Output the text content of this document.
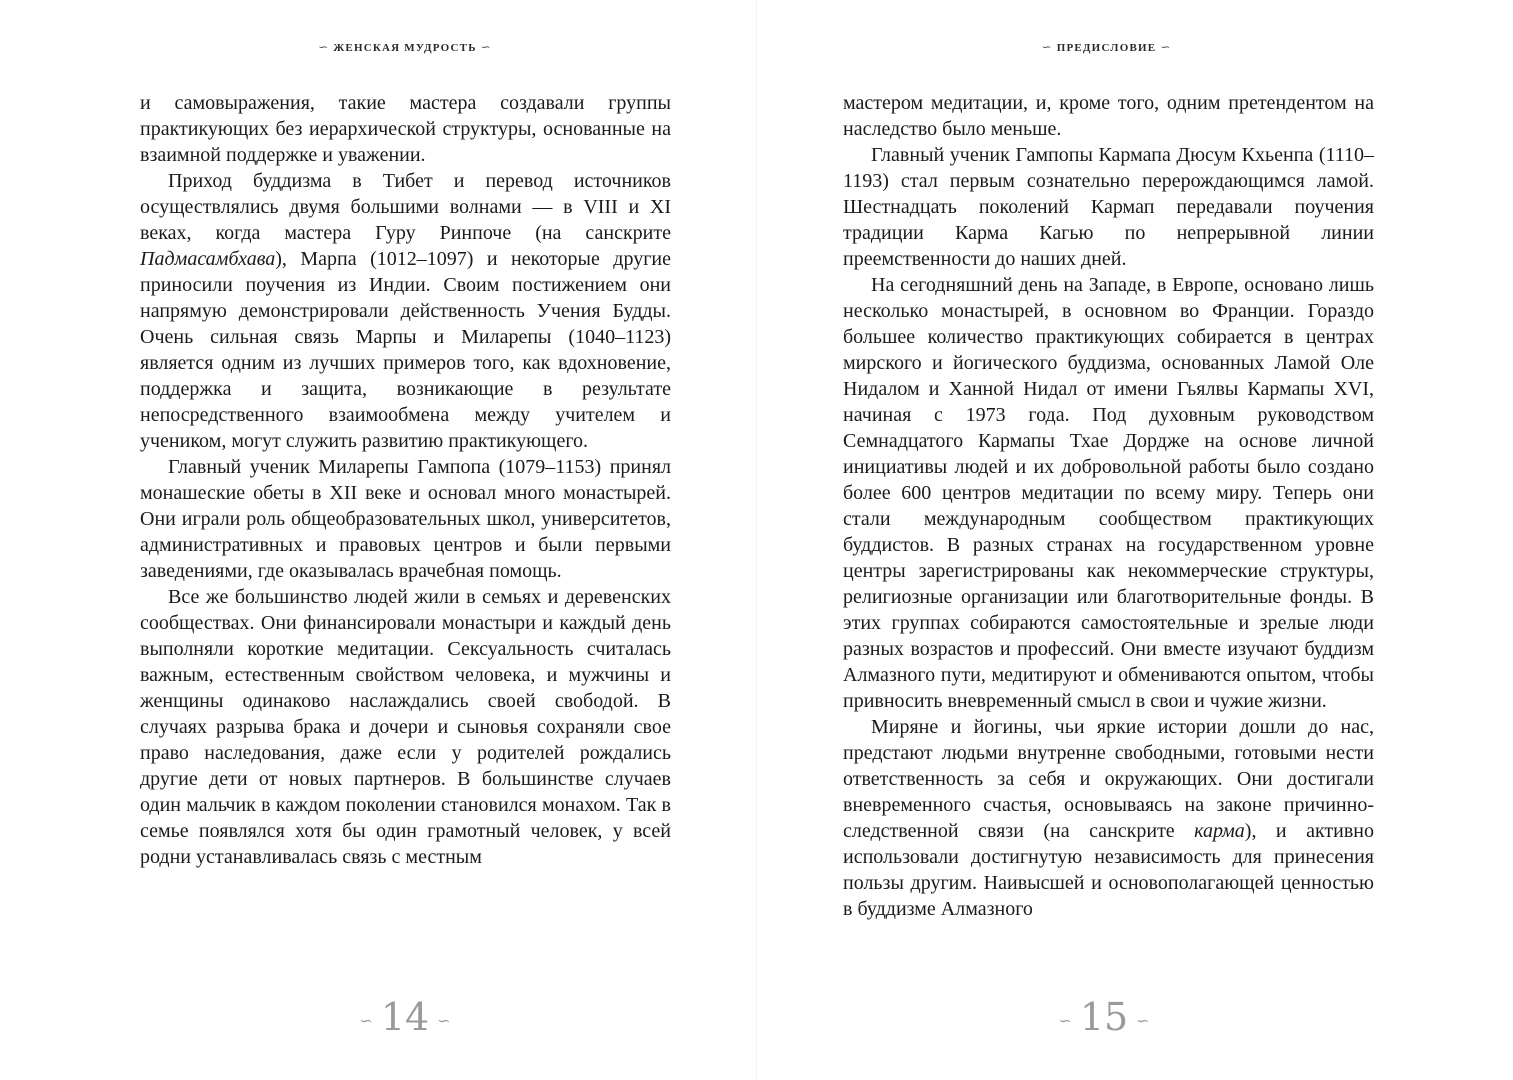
∽ ЖЕНСКАЯ МУДРОСТЬ ∽

и самовыражения, такие мастера создавали группы практикующих без иерархической структуры, основанные на взаимной поддержке и уважении.

Приход буддизма в Тибет и перевод источников осуществлялись двумя большими волнами — в VIII и XI веках, когда мастера Гуру Ринпоче (на санскрите Падмасамбхава), Марпа (1012–1097) и некоторые другие приносили поучения из Индии. Своим постижением они напрямую демонстрировали действенность Учения Будды. Очень сильная связь Марпы и Миларепы (1040–1123) является одним из лучших примеров того, как вдохновение, поддержка и защита, возникающие в результате непосредственного взаимообмена между учителем и учеником, могут служить развитию практикующего.

Главный ученик Миларепы Гампопа (1079–1153) принял монашеские обеты в XII веке и основал много монастырей. Они играли роль общеобразовательных школ, университетов, административных и правовых центров и были первыми заведениями, где оказывалась врачебная помощь.

Все же большинство людей жили в семьях и деревенских сообществах. Они финансировали монастыри и каждый день выполняли короткие медитации. Сексуальность считалась важным, естественным свойством человека, и мужчины и женщины одинаково наслаждались своей свободой. В случаях разрыва брака и дочери и сыновья сохраняли свое право наследования, даже если у родителей рождались другие дети от новых партнеров. В большинстве случаев один мальчик в каждом поколении становился монахом. Так в семье появлялся хотя бы один грамотный человек, у всей родни устанавливалась связь с местным

∽ 14 ∽
∽ ПРЕДИСЛОВИЕ ∽

мастером медитации, и, кроме того, одним претендентом на наследство было меньше.

Главный ученик Гампопы Кармапа Дюсум Кхьенпа (1110–1193) стал первым сознательно перерождающимся ламой. Шестнадцать поколений Кармап передавали поучения традиции Карма Кагью по непрерывной линии преемственности до наших дней.

На сегодняшний день на Западе, в Европе, основано лишь несколько монастырей, в основном во Франции. Гораздо большее количество практикующих собирается в центрах мирского и йогического буддизма, основанных Ламой Оле Нидалом и Ханной Нидал от имени Гьялвы Кармапы XVI, начиная с 1973 года. Под духовным руководством Семнадцатого Кармапы Тхае Дордже на основе личной инициативы людей и их добровольной работы было создано более 600 центров медитации по всему миру. Теперь они стали международным сообществом практикующих буддистов. В разных странах на государственном уровне центры зарегистрированы как некоммерческие структуры, религиозные организации или благотворительные фонды. В этих группах собираются самостоятельные и зрелые люди разных возрастов и профессий. Они вместе изучают буддизм Алмазного пути, медитируют и обмениваются опытом, чтобы привносить вневременный смысл в свои и чужие жизни.

Миряне и йогины, чьи яркие истории дошли до нас, предстают людьми внутренне свободными, готовыми нести ответственность за себя и окружающих. Они достигали вневременного счастья, основываясь на законе причинно-следственной связи (на санскрите карма), и активно использовали достигнутую независимость для принесения пользы другим. Наивысшей и основополагающей ценностью в буддизме Алмазного

∽ 15 ∽
